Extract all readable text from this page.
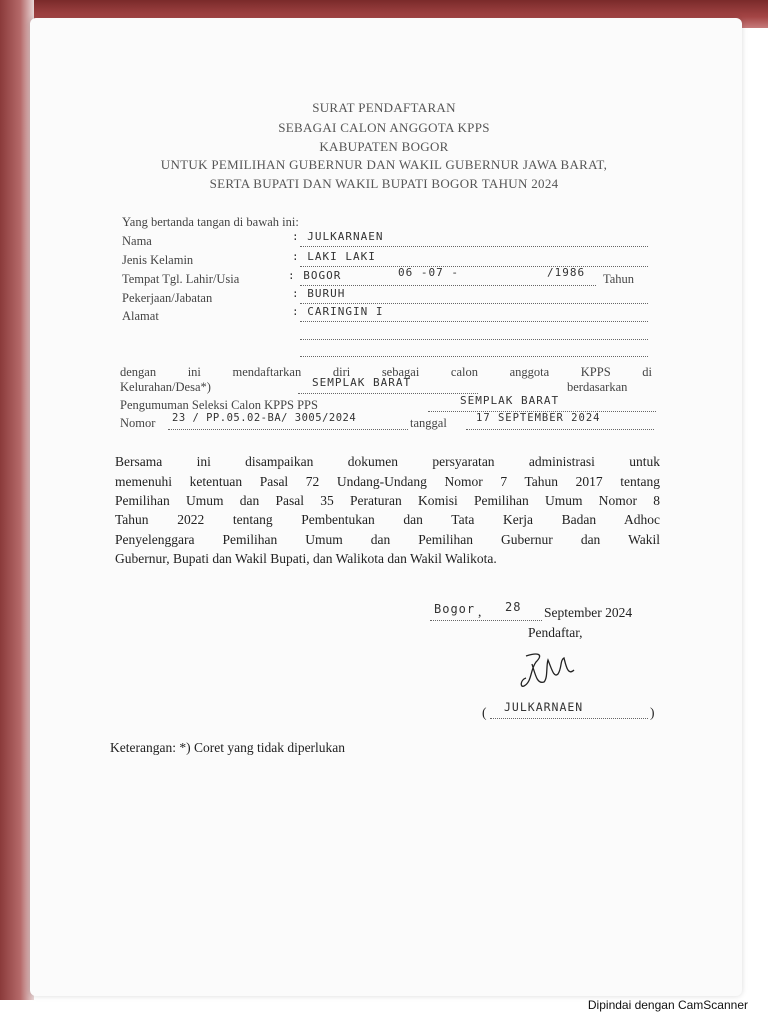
SURAT PENDAFTARAN
SEBAGAI CALON ANGGOTA KPPS
KABUPATEN BOGOR
UNTUK PEMILIHAN GUBERNUR DAN WAKIL GUBERNUR JAWA BARAT,
SERTA BUPATI DAN WAKIL BUPATI BOGOR TAHUN 2024
Yang bertanda tangan di bawah ini:
Nama	: JULKARNAEN
Jenis Kelamin	: LAKI LAKI
Tempat Tgl. Lahir/Usia	: BOGOR	06 -07 -	/1986 Tahun
Pekerjaan/Jabatan	: BURUH
Alamat	: CARINGIN I
dengan ini mendaftarkan diri sebagai calon anggota KPPS di
Kelurahan/Desa*)	SEMPLAK BARAT	berdasarkan
Pengumuman Seleksi Calon KPPS PPS	SEMPLAK BARAT
Nomor 23 / PP.05.02-BA/ 3005/2024	tanggal	17 SEPTEMBER 2024
Bersama ini disampaikan dokumen persyaratan administrasi untuk
memenuhi ketentuan Pasal 72 Undang-Undang Nomor 7 Tahun 2017 tentang
Pemilihan Umum dan Pasal 35 Peraturan Komisi Pemilihan Umum Nomor 8
Tahun 2022 tentang Pembentukan dan Tata Kerja Badan Adhoc
Penyelenggara Pemilihan Umum dan Pemilihan Gubernur dan Wakil
Gubernur, Bupati dan Wakil Bupati, dan Walikota dan Wakil Walikota.
Bogor , 28 September 2024
Pendaftar,
( JULKARNAEN	)
Keterangan: *) Coret yang tidak diperlukan
Dipindai dengan CamScanner
